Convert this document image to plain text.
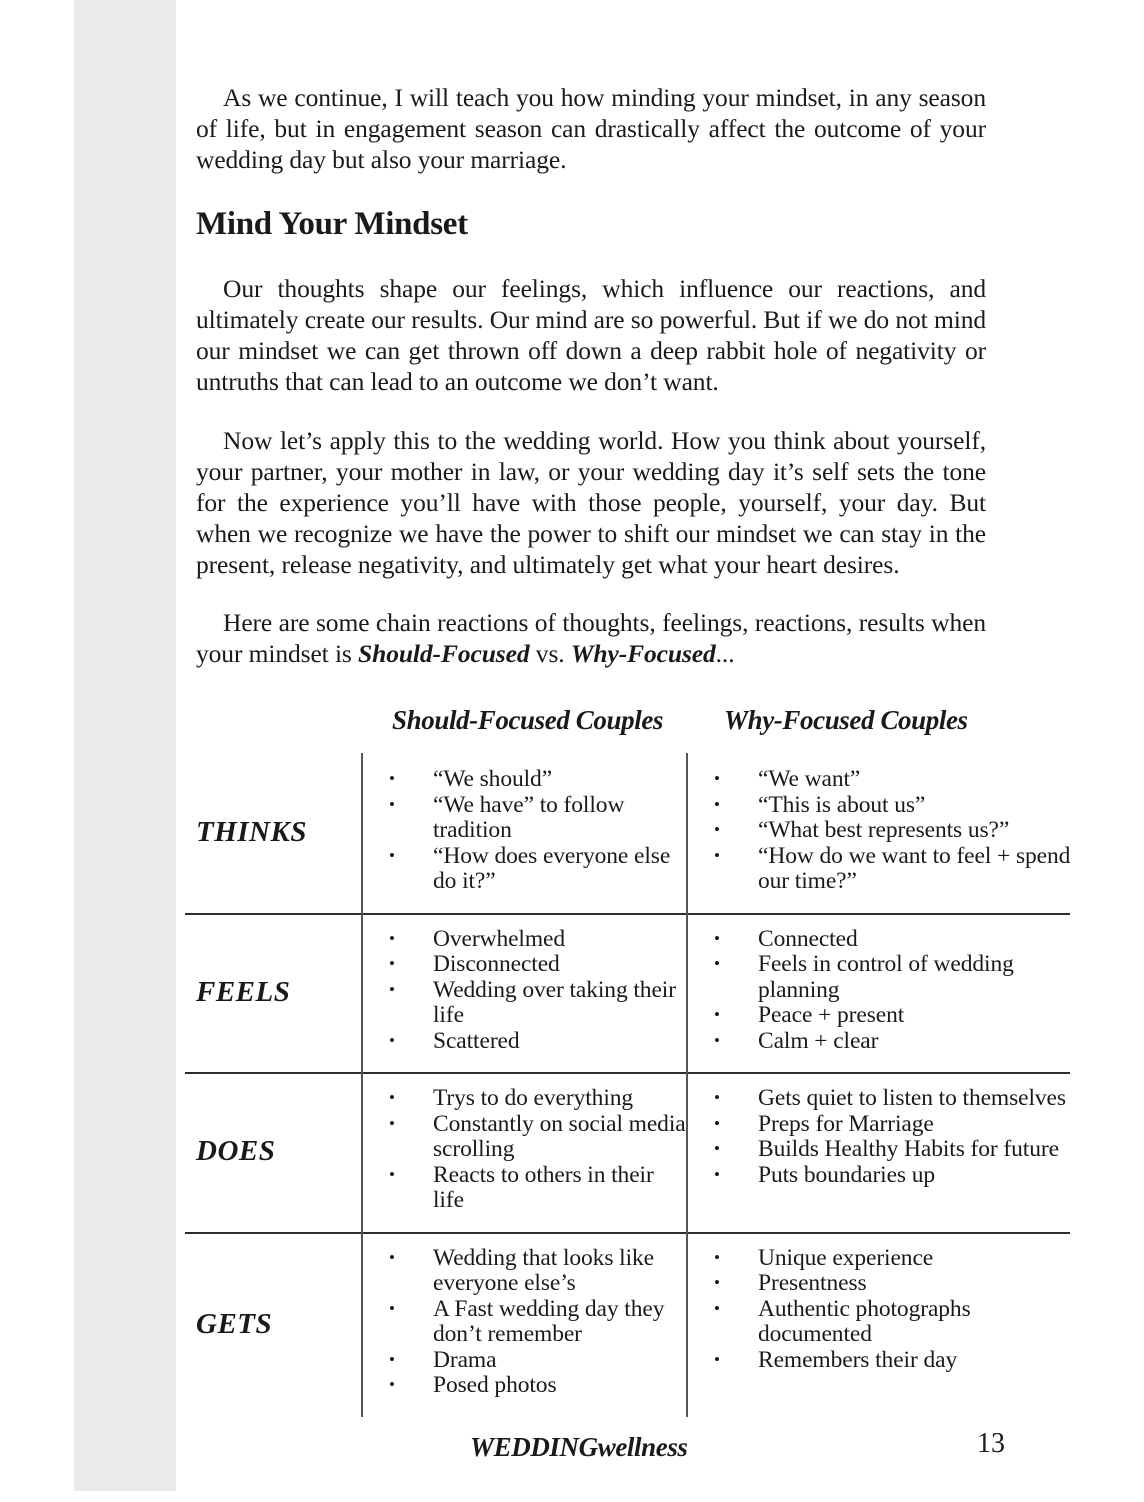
As we continue, I will teach you how minding your mindset, in any season of life, but in engagement season can drastically affect the outcome of your wedding day but also your marriage.

Mind Your Mindset

Our thoughts shape our feelings, which influence our reactions, and ultimately create our results. Our mind are so powerful. But if we do not mind our mindset we can get thrown off down a deep rabbit hole of negativity or untruths that can lead to an outcome we don’t want.

Now let’s apply this to the wedding world. How you think about yourself, your partner, your mother in law, or your wedding day it’s self sets the tone for the experience you’ll have with those people, yourself, your day. But when we recognize we have the power to shift our mindset we can stay in the present, release negativity, and ultimately get what your heart desires.

Here are some chain reactions of thoughts, feelings, reactions, results when your mindset is Should-Focused vs. Why-Focused...

Should-Focused Couples Why-Focused Couples
THINKS
• “We should”
• “We have” to follow tradition
• “How does everyone else do it?”
• “We want”
• “This is about us”
• “What best represents us?”
• “How do we want to feel + spend our time?”
FEELS
• Overwhelmed
• Disconnected
• Wedding over taking their life
• Scattered
• Connected
• Feels in control of wedding planning
• Peace + present
• Calm + clear
DOES
• Trys to do everything
• Constantly on social media scrolling
• Reacts to others in their life
• Gets quiet to listen to themselves
• Preps for Marriage
• Builds Healthy Habits for future
• Puts boundaries up
GETS
• Wedding that looks like everyone else’s
• A Fast wedding day they don’t remember
• Drama
• Posed photos
• Unique experience
• Presentness
• Authentic photographs documented
• Remembers their day
WEDDINGwellness	13
